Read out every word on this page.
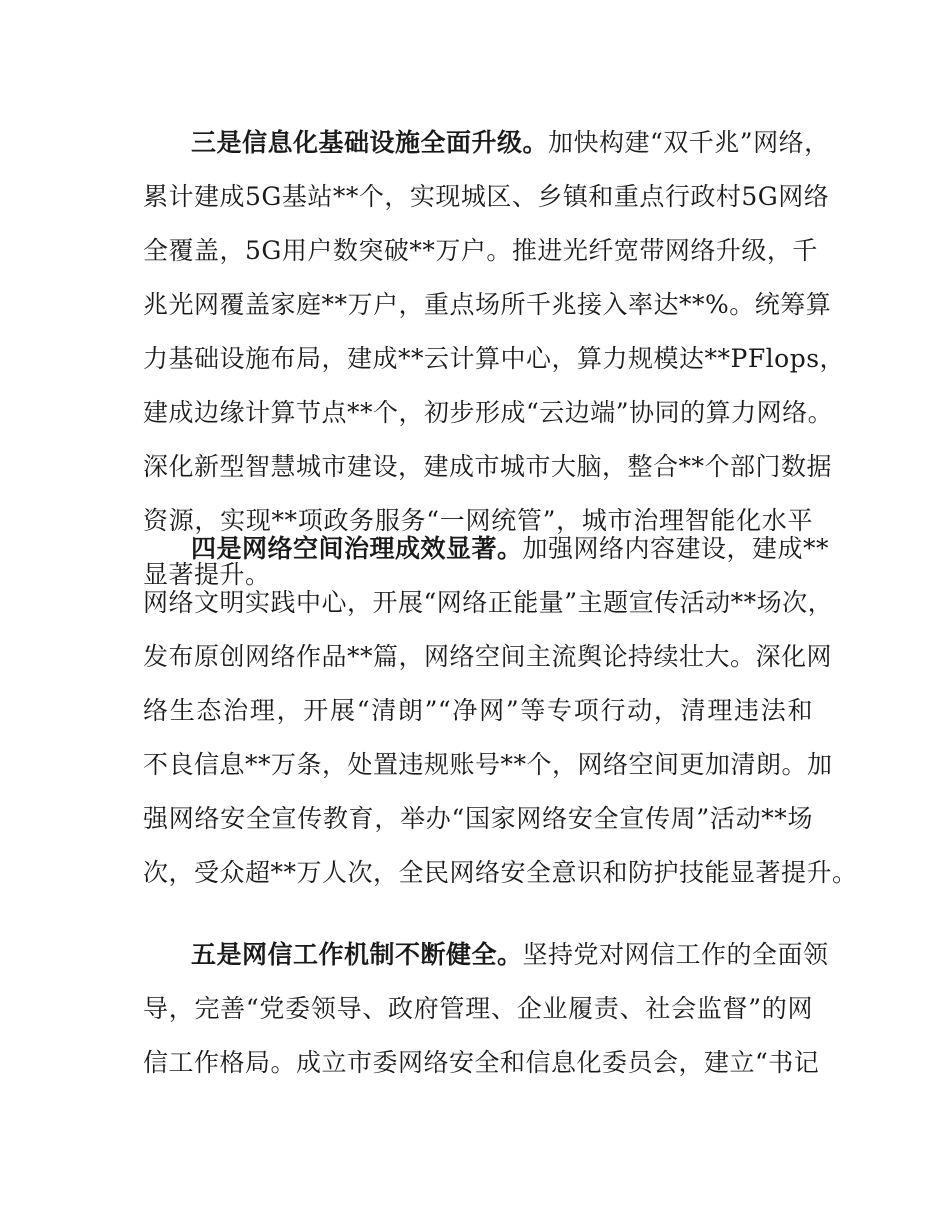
三是信息化基础设施全面升级。加快构建“双千兆”网络，
累计建成5G基站**个，实现城区、乡镇和重点行政村5G网络
全覆盖，5G用户数突破**万户。推进光纤宽带网络升级，千
兆光网覆盖家庭**万户，重点场所千兆接入率达**%。统筹算
力基础设施布局，建成**云计算中心，算力规模达**PFlops，
建成边缘计算节点**个，初步形成“云边端”协同的算力网络。
深化新型智慧城市建设，建成市城市大脑，整合**个部门数据
资源，实现**项政务服务“一网统管”，城市治理智能化水平
显著提升。
四是网络空间治理成效显著。加强网络内容建设，建成**
网络文明实践中心，开展“网络正能量”主题宣传活动**场次，
发布原创网络作品**篇，网络空间主流舆论持续壮大。深化网
络生态治理，开展“清朗”“净网”等专项行动，清理违法和
不良信息**万条，处置违规账号**个，网络空间更加清朗。加
强网络安全宣传教育，举办“国家网络安全宣传周”活动**场
次，受众超**万人次，全民网络安全意识和防护技能显著提升。
五是网信工作机制不断健全。坚持党对网信工作的全面领
导，完善“党委领导、政府管理、企业履责、社会监督”的网
信工作格局。成立市委网络安全和信息化委员会，建立“书记
